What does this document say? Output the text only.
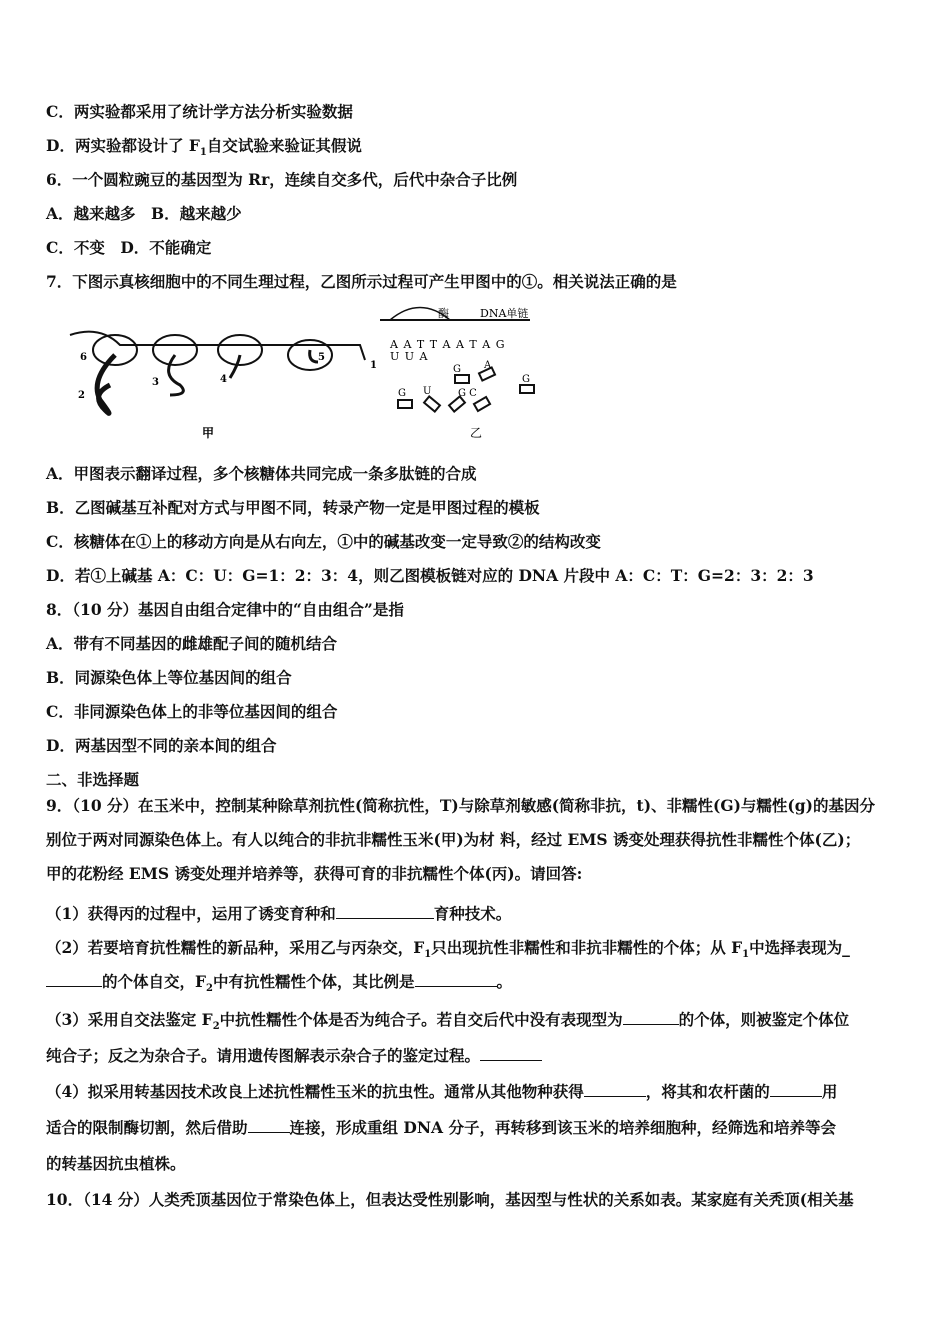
C．两实验都采用了统计学方法分析实验数据
D．两实验都设计了 $F_1$自交试验来验证其假说
6．一个圆粒豌豆的基因型为 Rr，连续自交多代，后代中杂合子比例
A．越来越多　B．越来越少
C．不变　D．不能确定
7．下图示真核细胞中的不同生理过程，乙图所示过程可产生甲图中的①。相关说法正确的是
6	5
1
2
3	4
甲	乙
酶	DNA单链
A A T T A A T A G
U U A
G A
G
G U	G C
A．甲图表示翻译过程，多个核糖体共同完成一条多肽链的合成
B．乙图碱基互补配对方式与甲图不同，转录产物一定是甲图过程的模板
C．核糖体在①上的移动方向是从右向左，①中的碱基改变一定导致②的结构改变
D．若①上碱基 A：C：U：G=1：2：3：4，则乙图模板链对应的 DNA 片段中 A：C：T：G=2：3：2：3
8．（10 分）基因自由组合定律中的“自由组合”是指
A．带有不同基因的雌雄配子间的随机结合
B．同源染色体上等位基因间的组合
C．非同源染色体上的非等位基因间的组合
D．两基因型不同的亲本间的组合
二、非选择题
9．（10 分）在玉米中，控制某种除草剂抗性(简称抗性，T)与除草剂敏感(简称非抗，t)、非糯性(G)与糯性(g)的基因分
别位于两对同源染色体上。有人以纯合的非抗非糯性玉米(甲)为材 料，经过 EMS 诱变处理获得抗性非糯性个体(乙)；
甲的花粉经 EMS 诱变处理并培养等，获得可育的非抗糯性个体(丙)。请回答:
（1）获得丙的过程中，运用了诱变育种和	育种技术。
（2）若要培育抗性糯性的新品种，采用乙与丙杂交，$F_1$只出现抗性非糯性和非抗非糯性的个体；从 $F_1$中选择表现为_
的个体自交，$F_2$中有抗性糯性个体，其比例是	。
（3）采用自交法鉴定 $F_2$中抗性糯性个体是否为纯合子。若自交后代中没有表现型为	的个体，则被鉴定个体位
纯合子；反之为杂合子。请用遗传图解表示杂合子的鉴定过程。
（4）拟采用转基因技术改良上述抗性糯性玉米的抗虫性。通常从其他物种获得	，将其和农杆菌的	用
适合的限制酶切割，然后借助	连接，形成重组 DNA 分子，再转移到该玉米的培养细胞种，经筛选和培养等会
的转基因抗虫植株。
10．（14 分）人类秃顶基因位于常染色体上，但表达受性别影响，基因型与性状的关系如表。某家庭有关秃顶(相关基
